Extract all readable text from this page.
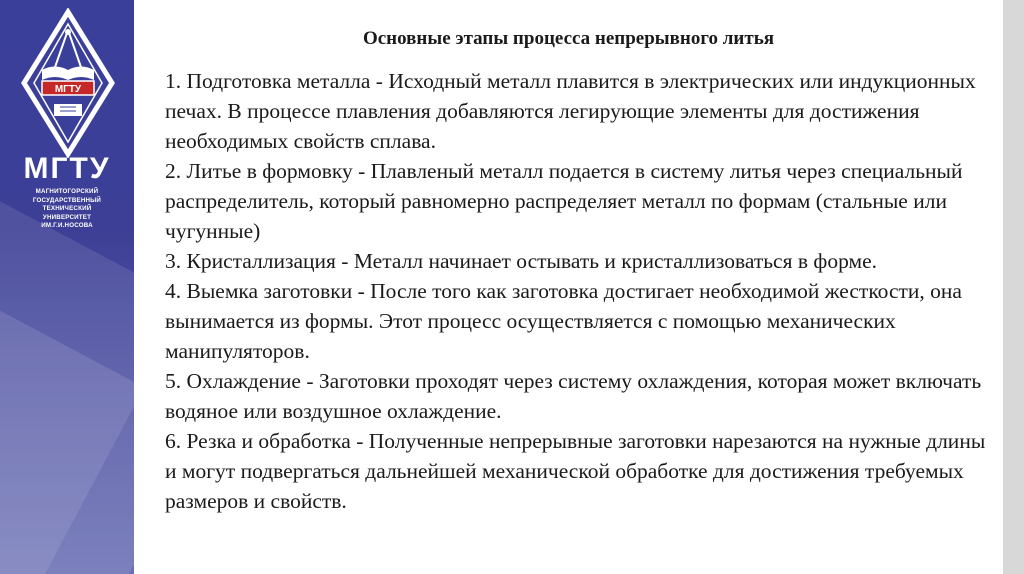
МГТУ
МГТУ
МАГНИТОГОРСКИЙ
ГОСУДАРСТВЕННЫЙ
ТЕХНИЧЕСКИЙ
УНИВЕРСИТЕТ
ИМ.Г.И.НОСОВА
Основные этапы процесса непрерывного литья

1. Подготовка металла - Исходный металл плавится в электрических или индукционных печах. В процессе плавления добавляются легирующие элементы для достижения необходимых свойств сплава.

2. Литье в формовку - Плавленый металл подается в систему литья через специальный распределитель, который равномерно распределяет металл по формам (стальные или чугунные)

3. Кристаллизация - Металл начинает остывать и кристаллизоваться в форме.

4. Выемка заготовки - После того как заготовка достигает необходимой жесткости, она вынимается из формы. Этот процесс осуществляется с помощью механических манипуляторов.

5. Охлаждение - Заготовки проходят через систему охлаждения, которая может включать водяное или воздушное охлаждение.

6. Резка и обработка - Полученные непрерывные заготовки нарезаются на нужные длины и могут подвергаться дальнейшей механической обработке для достижения требуемых размеров и свойств.
